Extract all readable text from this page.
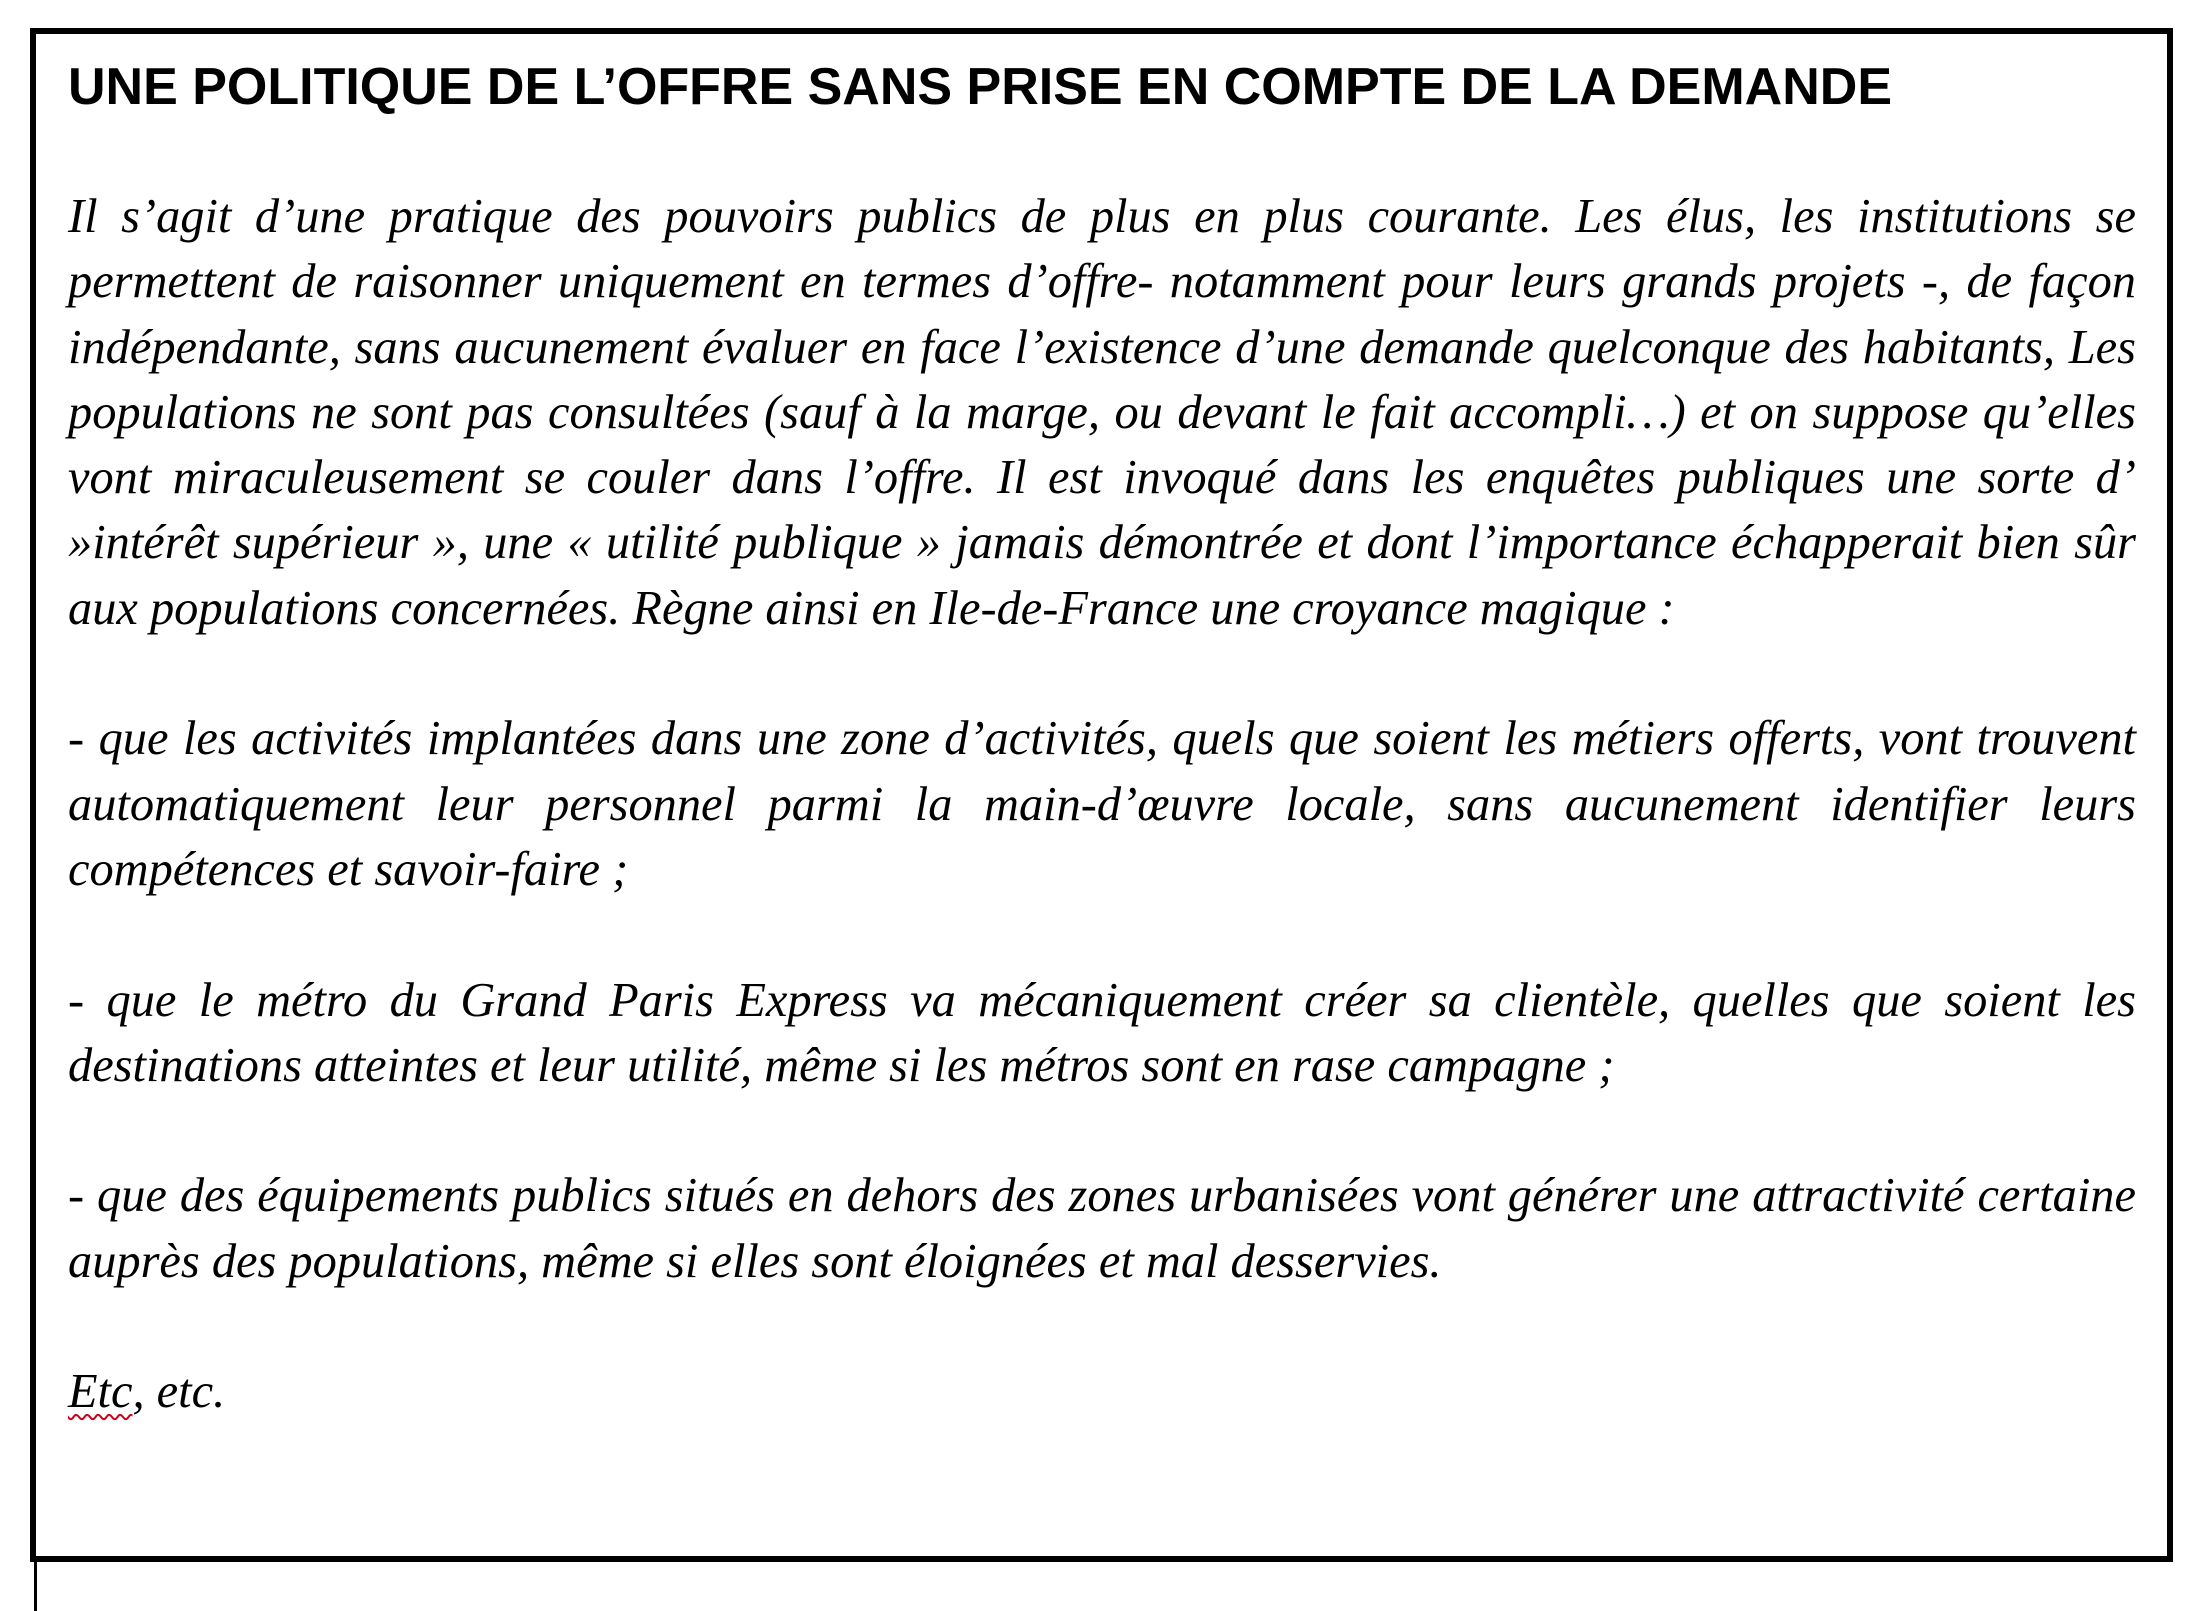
UNE POLITIQUE DE L’OFFRE SANS PRISE EN COMPTE DE LA DEMANDE

Il s’agit d’une pratique des pouvoirs publics de plus en plus courante. Les élus, les institutions se permettent de raisonner uniquement en termes d’offre- notamment pour leurs grands projets -, de façon indépendante, sans aucunement évaluer en face l’existence d’une demande quelconque des habitants, Les populations ne sont pas consultées (sauf à la marge, ou devant le fait accompli…) et on suppose qu’elles vont miraculeusement se couler dans l’offre. Il est invoqué dans les enquêtes publiques une sorte d’ »intérêt supérieur », une « utilité publique » jamais démontrée et dont l’importance échapperait bien sûr aux populations concernées. Règne ainsi en Ile-de-France une croyance magique :

- que les activités implantées dans une zone d’activités, quels que soient les métiers offerts, vont trouvent automatiquement leur personnel parmi la main-d’œuvre locale, sans aucunement identifier leurs compétences et savoir-faire ;

- que le métro du Grand Paris Express va mécaniquement créer sa clientèle, quelles que soient les destinations atteintes et leur utilité, même si les métros sont en rase campagne ;

- que des équipements publics situés en dehors des zones urbanisées vont générer une attractivité certaine auprès des populations, même si elles sont éloignées et mal desservies.

Etc, etc.
